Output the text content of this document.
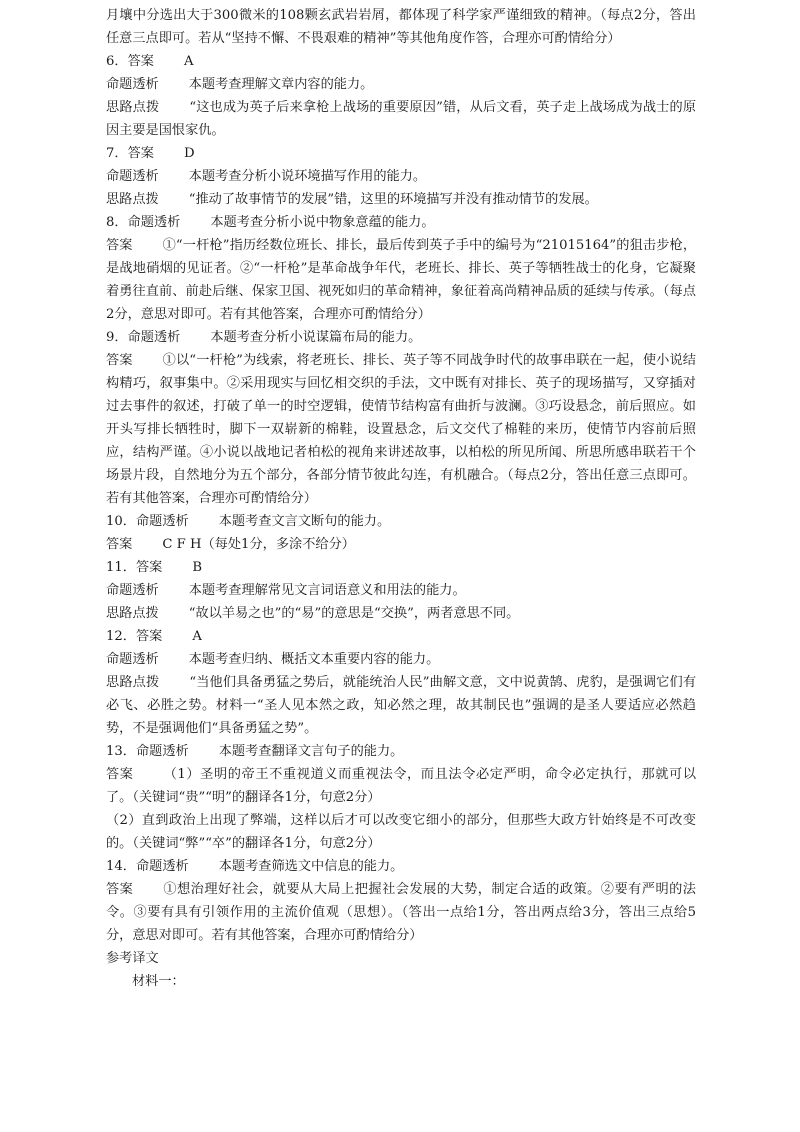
月壤中分选出大于300微米的108颗玄武岩岩屑，都体现了科学家严谨细致的精神。（每点2分，答出任意三点即可。若从“坚持不懈、不畏艰难的精神”等其他角度作答，合理亦可酌情给分）
6．答案 A
命题透析 本题考查理解文章内容的能力。
思路点拨 “这也成为英子后来拿枪上战场的重要原因”错，从后文看，英子走上战场成为战士的原因主要是国恨家仇。
7．答案 D
命题透析 本题考查分析小说环境描写作用的能力。
思路点拨 “推动了故事情节的发展”错，这里的环境描写并没有推动情节的发展。
8．命题透析 本题考查分析小说中物象意蕴的能力。
答案 ①“一杆枪”指历经数位班长、排长，最后传到英子手中的编号为“21015164”的狙击步枪，是战地硝烟的见证者。②“一杆枪”是革命战争年代，老班长、排长、英子等牺牲战士的化身，它凝聚着勇往直前、前赴后继、保家卫国、视死如归的革命精神，象征着高尚精神品质的延续与传承。（每点2分，意思对即可。若有其他答案，合理亦可酌情给分）
9．命题透析 本题考查分析小说谋篇布局的能力。
答案 ①以“一杆枪”为线索，将老班长、排长、英子等不同战争时代的故事串联在一起，使小说结构精巧，叙事集中。②采用现实与回忆相交织的手法，文中既有对排长、英子的现场描写，又穿插对过去事件的叙述，打破了单一的时空逻辑，使情节结构富有曲折与波澜。③巧设悬念，前后照应。如开头写排长牺牲时，脚下一双崭新的棉鞋，设置悬念，后文交代了棉鞋的来历，使情节内容前后照应，结构严谨。④小说以战地记者柏松的视角来讲述故事，以柏松的所见所闻、所思所感串联若干个场景片段，自然地分为五个部分，各部分情节彼此勾连，有机融合。（每点2分，答出任意三点即可。若有其他答案，合理亦可酌情给分）
10．命题透析 本题考查文言文断句的能力。
答案 C F H（每处1分，多涂不给分）
11．答案 B
命题透析 本题考查理解常见文言词语意义和用法的能力。
思路点拨 “故以羊易之也”的“易”的意思是“交换”，两者意思不同。
12．答案 A
命题透析 本题考查归纳、概括文本重要内容的能力。
思路点拨 “当他们具备勇猛之势后，就能统治人民”曲解文意，文中说黄鹄、虎豹，是强调它们有必飞、必胜之势。材料一“圣人见本然之政，知必然之理，故其制民也”强调的是圣人要适应必然趋势，不是强调他们“具备勇猛之势”。
13．命题透析 本题考查翻译文言句子的能力。
答案 （1）圣明的帝王不重视道义而重视法令，而且法令必定严明，命令必定执行，那就可以了。（关键词“贵”“明”的翻译各1分，句意2分）
（2）直到政治上出现了弊端，这样以后才可以改变它细小的部分，但那些大政方针始终是不可改变的。（关键词“弊”“卒”的翻译各1分，句意2分）
14．命题透析 本题考查筛选文中信息的能力。
答案 ①想治理好社会，就要从大局上把握社会发展的大势，制定合适的政策。②要有严明的法令。③要有具有引领作用的主流价值观（思想）。（答出一点给1分，答出两点给3分，答出三点给5分，意思对即可。若有其他答案，合理亦可酌情给分）
参考译文
材料一：
